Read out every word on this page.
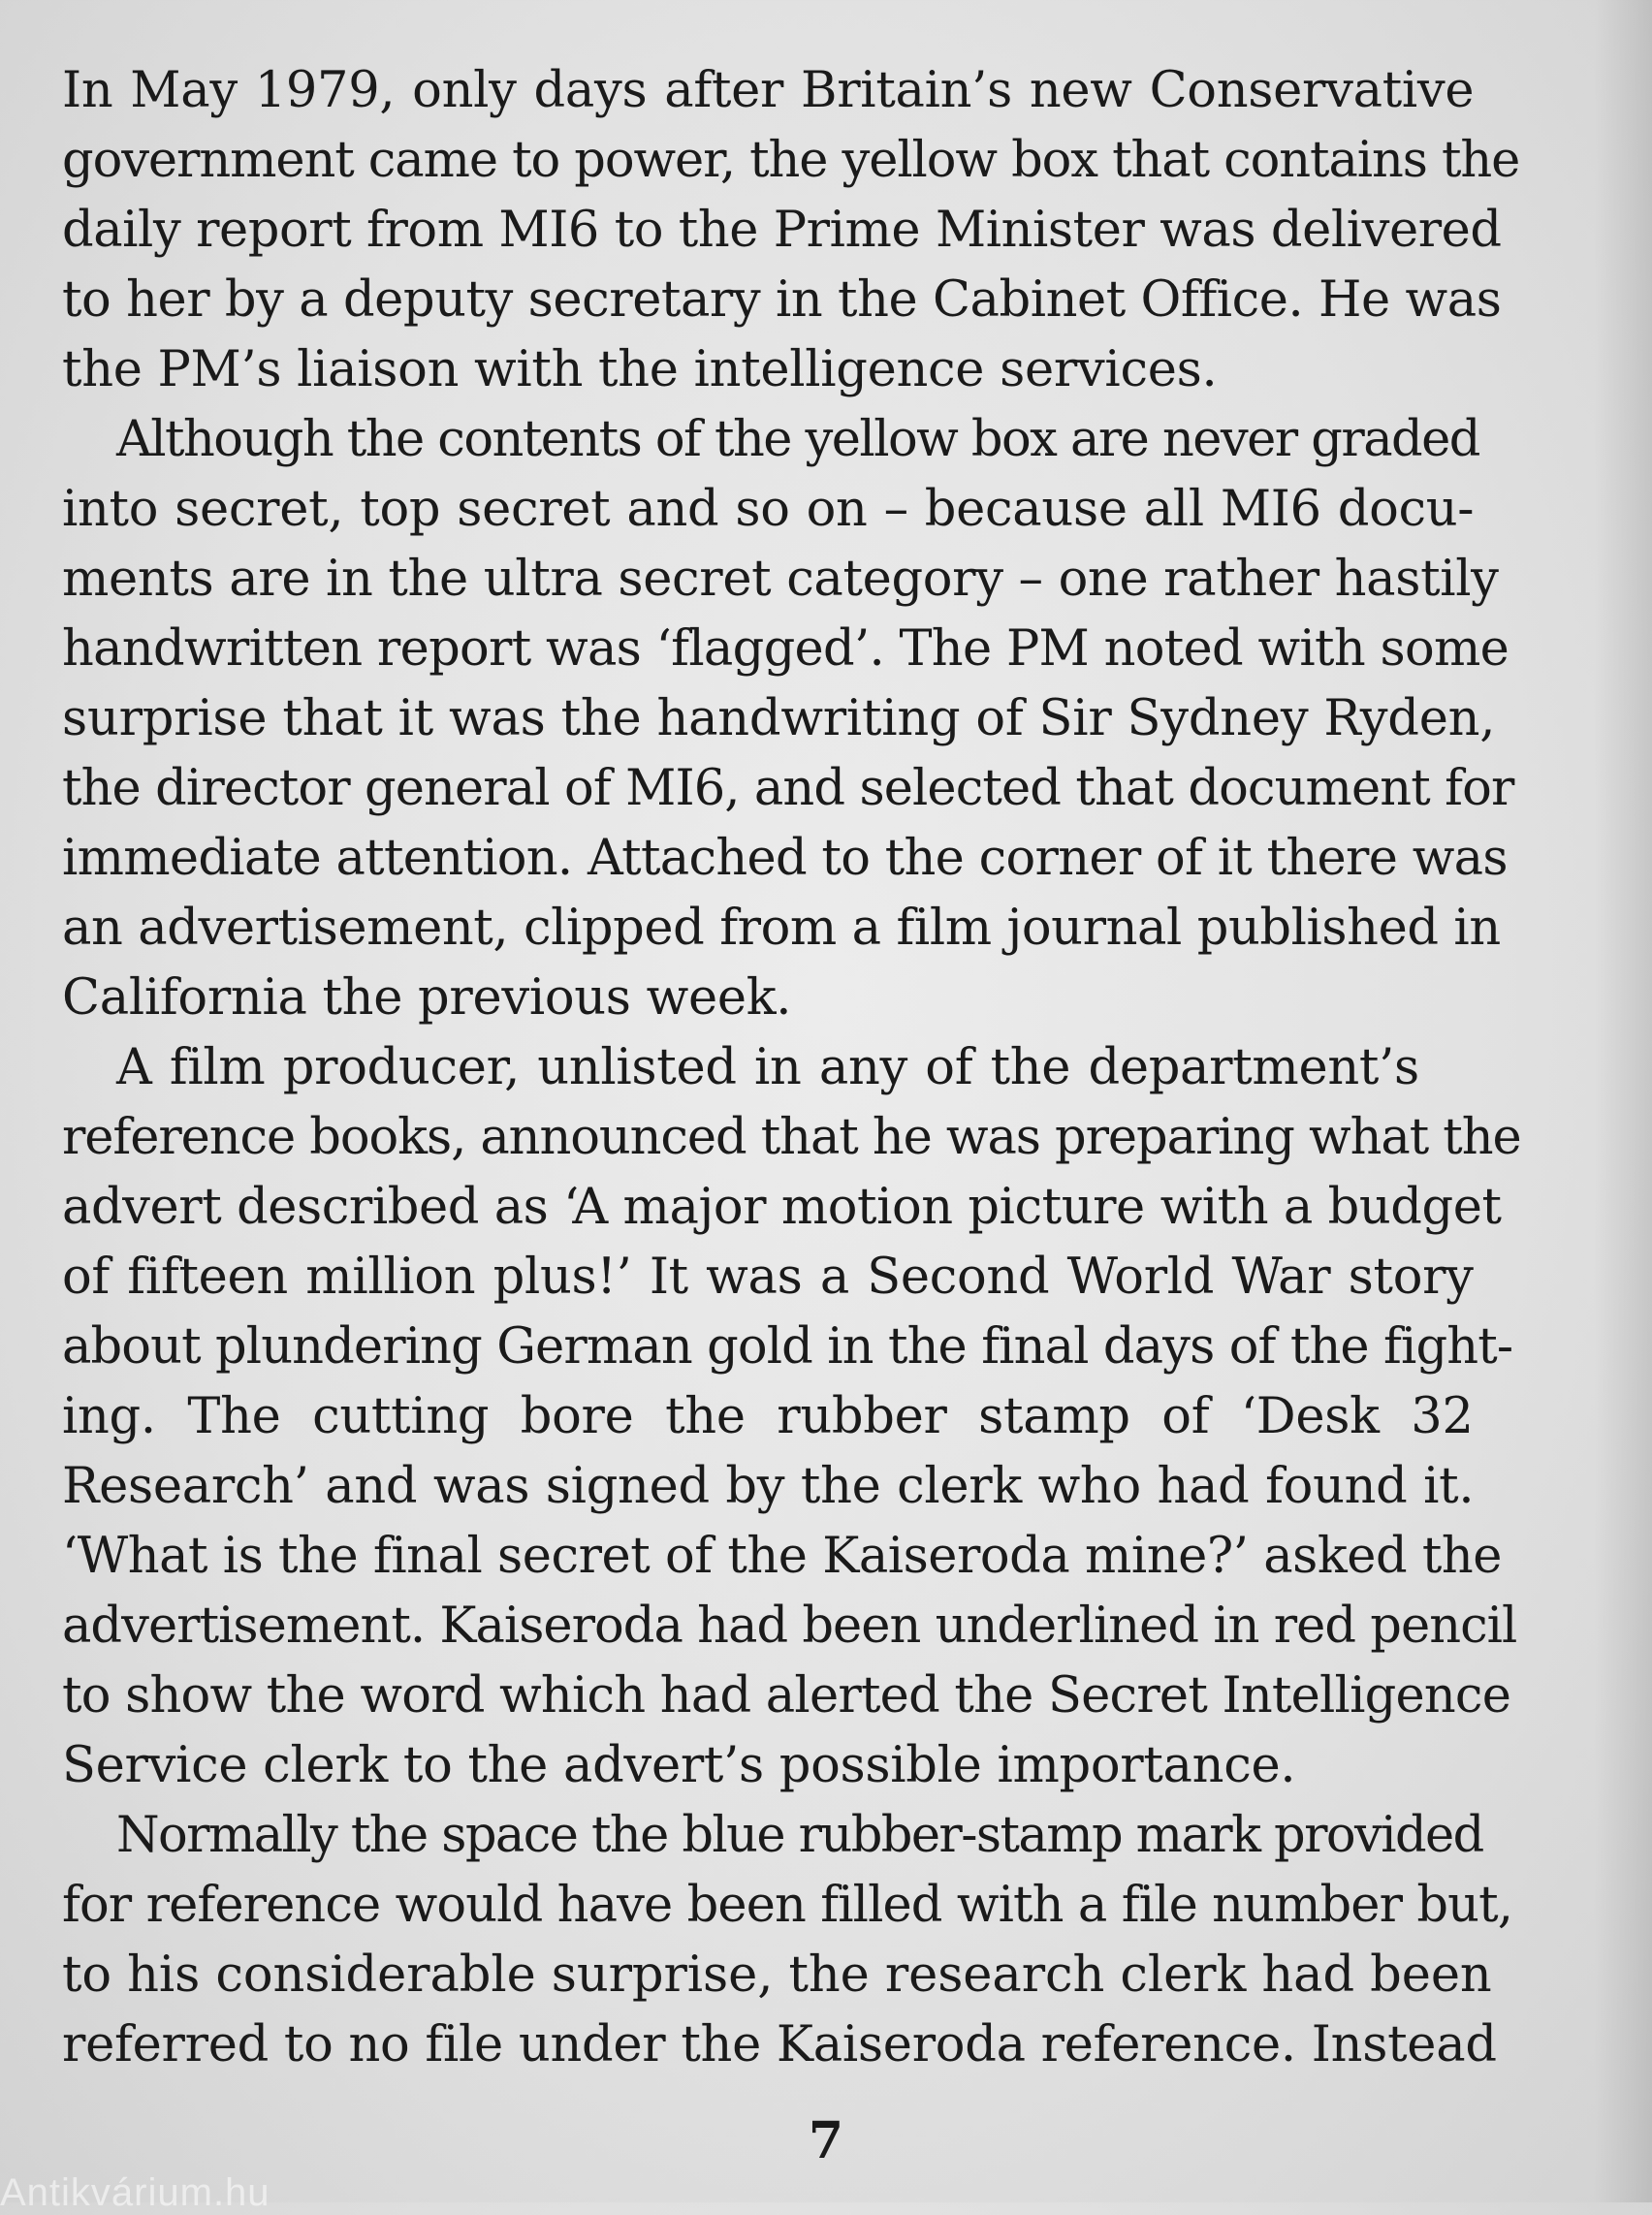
In May 1979, only days after Britain’s new Conservative
government came to power, the yellow box that contains the
daily report from MI6 to the Prime Minister was delivered
to her by a deputy secretary in the Cabinet Office. He was
the PM’s liaison with the intelligence services.
Although the contents of the yellow box are never graded
into secret, top secret and so on – because all MI6 docu-
ments are in the ultra secret category – one rather hastily
handwritten report was ‘flagged’. The PM noted with some
surprise that it was the handwriting of Sir Sydney Ryden,
the director general of MI6, and selected that document for
immediate attention. Attached to the corner of it there was
an advertisement, clipped from a film journal published in
California the previous week.
A film producer, unlisted in any of the department’s
reference books, announced that he was preparing what the
advert described as ‘A major motion picture with a budget
of fifteen million plus!’ It was a Second World War story
about plundering German gold in the final days of the fight-
ing. The cutting bore the rubber stamp of ‘Desk 32
Research’ and was signed by the clerk who had found it.
‘What is the final secret of the Kaiseroda mine?’ asked the
advertisement. Kaiseroda had been underlined in red pencil
to show the word which had alerted the Secret Intelligence
Service clerk to the advert’s possible importance.
Normally the space the blue rubber-stamp mark provided
for reference would have been filled with a file number but,
to his considerable surprise, the research clerk had been
referred to no file under the Kaiseroda reference. Instead
7
Antikvárium.hu
